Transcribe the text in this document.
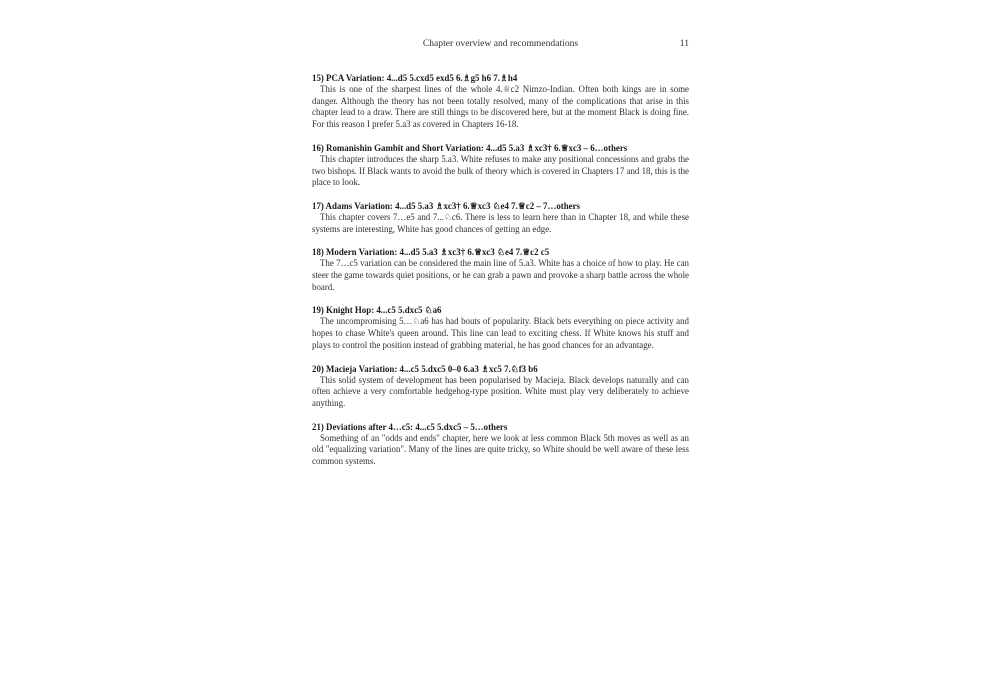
Chapter overview and recommendations	11
15) PCA Variation: 4...d5 5.cxd5 exd5 6.♗g5 h6 7.♗h4

This is one of the sharpest lines of the whole 4.♕c2 Nimzo-Indian. Often both kings are in some danger. Although the theory has not been totally resolved, many of the complications that arise in this chapter lead to a draw. There are still things to be discovered here, but at the moment Black is doing fine. For this reason I prefer 5.a3 as covered in Chapters 16-18.

16) Romanishin Gambit and Short Variation: 4...d5 5.a3 ♗xc3† 6.♕xc3 – 6…others

This chapter introduces the sharp 5.a3. White refuses to make any positional concessions and grabs the two bishops. If Black wants to avoid the bulk of theory which is covered in Chapters 17 and 18, this is the place to look.

17) Adams Variation: 4...d5 5.a3 ♗xc3† 6.♕xc3 ♘e4 7.♕c2 – 7…others

This chapter covers 7…e5 and 7...♘c6. There is less to learn here than in Chapter 18, and while these systems are interesting, White has good chances of getting an edge.

18) Modern Variation: 4...d5 5.a3 ♗xc3† 6.♕xc3 ♘e4 7.♕c2 c5

The 7…c5 variation can be considered the main line of 5.a3. White has a choice of how to play. He can steer the game towards quiet positions, or he can grab a pawn and provoke a sharp battle across the whole board.

19) Knight Hop: 4...c5 5.dxc5 ♘a6

The uncompromising 5…♘a6 has had bouts of popularity. Black bets everything on piece activity and hopes to chase White's queen around. This line can lead to exciting chess. If White knows his stuff and plays to control the position instead of grabbing material, he has good chances for an advantage.

20) Macieja Variation: 4...c5 5.dxc5 0–0 6.a3 ♗xc5 7.♘f3 b6

This solid system of development has been popularised by Macieja. Black develops naturally and can often achieve a very comfortable hedgehog-type position. White must play very deliberately to achieve anything.

21) Deviations after 4…c5: 4...c5 5.dxc5 – 5…others

Something of an "odds and ends" chapter, here we look at less common Black 5th moves as well as an old "equalizing variation". Many of the lines are quite tricky, so White should be well aware of these less common systems.
